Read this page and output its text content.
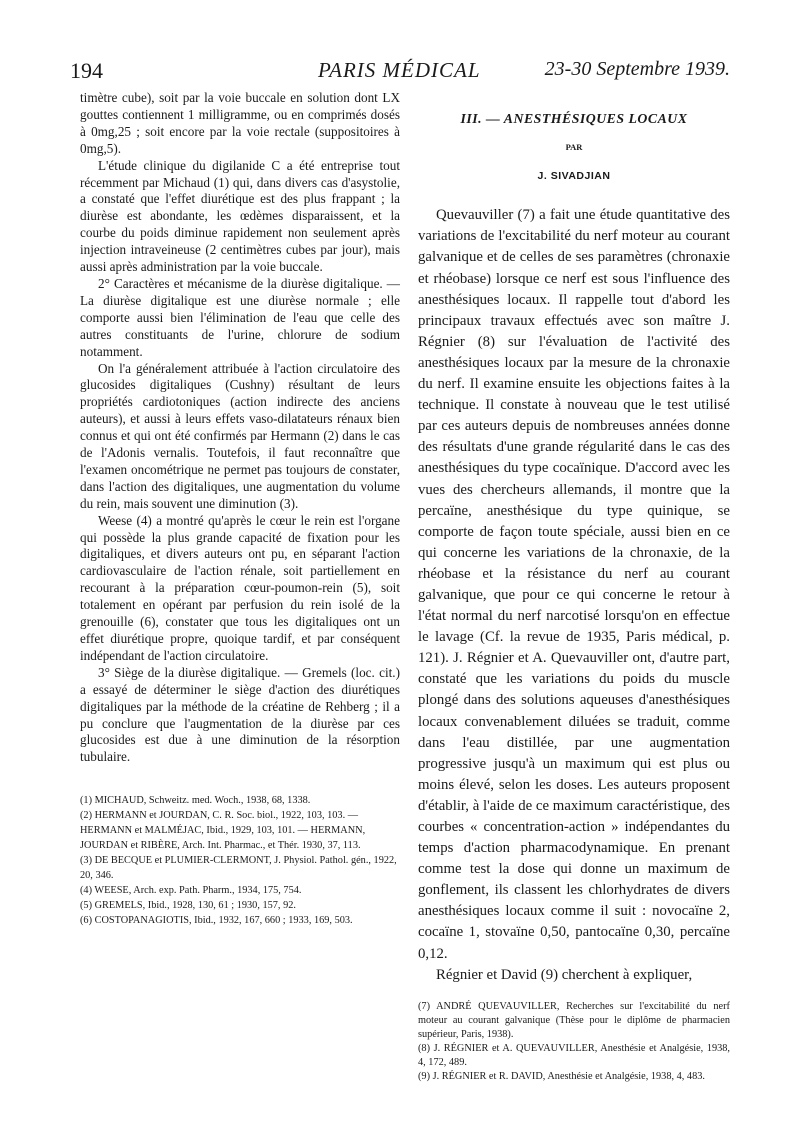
194	PARIS MÉDICAL	23-30 Septembre 1939.

timètre cube), soit par la voie buccale en solution dont LX gouttes contiennent 1 milligramme, ou en comprimés dosés à 0mg,25 ; soit encore par la voie rectale (suppositoires à 0mg,5).

L'étude clinique du digilanide C a été entreprise tout récemment par Michaud (1) qui, dans divers cas d'asystolie, a constaté que l'effet diurétique est des plus frappant ; la diurèse est abondante, les œdèmes disparaissent, et la courbe du poids diminue rapidement non seulement après injection intraveineuse (2 centimètres cubes par jour), mais aussi après administration par la voie buccale.

2° Caractères et mécanisme de la diurèse digitalique. — La diurèse digitalique est une diurèse normale ; elle comporte aussi bien l'élimination de l'eau que celle des autres constituants de l'urine, chlorure de sodium notamment.

On l'a généralement attribuée à l'action circulatoire des glucosides digitaliques (Cushny) résultant de leurs propriétés cardiotoniques (action indirecte des anciens auteurs), et aussi à leurs effets vaso-dilatateurs rénaux bien connus et qui ont été confirmés par Hermann (2) dans le cas de l'Adonis vernalis. Toutefois, il faut reconnaître que l'examen oncométrique ne permet pas toujours de constater, dans l'action des digitaliques, une augmentation du volume du rein, mais souvent une diminution (3).

Weese (4) a montré qu'après le cœur le rein est l'organe qui possède la plus grande capacité de fixation pour les digitaliques, et divers auteurs ont pu, en séparant l'action cardiovasculaire de l'action rénale, soit partiellement en recourant à la préparation cœur-poumon-rein (5), soit totalement en opérant par perfusion du rein isolé de la grenouille (6), constater que tous les digitaliques ont un effet diurétique propre, quoique tardif, et par conséquent indépendant de l'action circulatoire.

3° Siège de la diurèse digitalique. — Gremels (loc. cit.) a essayé de déterminer le siège d'action des diurétiques digitaliques par la méthode de la créatine de Rehberg ; il a pu conclure que l'augmentation de la diurèse par ces glucosides est due à une diminution de la résorption tubulaire.

(1) MICHAUD, Schweitz. med. Woch., 1938, 68, 1338.

(2) HERMANN et JOURDAN, C. R. Soc. biol., 1922, 103, 103. — HERMANN et MALMÉJAC, Ibid., 1929, 103, 101. — HERMANN, JOURDAN et RIBÈRE, Arch. Int. Pharmac., et Thér. 1930, 37, 113.

(3) DE BECQUE et PLUMIER-CLERMONT, J. Physiol. Pathol. gén., 1922, 20, 346.

(4) WEESE, Arch. exp. Path. Pharm., 1934, 175, 754.

(5) GREMELS, Ibid., 1928, 130, 61 ; 1930, 157, 92.

(6) COSTOPANAGIOTIS, Ibid., 1932, 167, 660 ; 1933, 169, 503.

III. — ANESTHÉSIQUES LOCAUX
PAR
J. SIVADJIAN

Quevauviller (7) a fait une étude quantitative des variations de l'excitabilité du nerf moteur au courant galvanique et de celles de ses paramètres (chronaxie et rhéobase) lorsque ce nerf est sous l'influence des anesthésiques locaux. Il rappelle tout d'abord les principaux travaux effectués avec son maître J. Régnier (8) sur l'évaluation de l'activité des anesthésiques locaux par la mesure de la chronaxie du nerf. Il examine ensuite les objections faites à la technique. Il constate à nouveau que le test utilisé par ces auteurs depuis de nombreuses années donne des résultats d'une grande régularité dans le cas des anesthésiques du type cocaïnique. D'accord avec les vues des chercheurs allemands, il montre que la percaïne, anesthésique du type quinique, se comporte de façon toute spéciale, aussi bien en ce qui concerne les variations de la chronaxie, de la rhéobase et la résistance du nerf au courant galvanique, que pour ce qui concerne le retour à l'état normal du nerf narcotisé lorsqu'on en effectue le lavage (Cf. la revue de 1935, Paris médical, p. 121). J. Régnier et A. Quevauviller ont, d'autre part, constaté que les variations du poids du muscle plongé dans des solutions aqueuses d'anesthésiques locaux convenablement diluées se traduit, comme dans l'eau distillée, par une augmentation progressive jusqu'à un maximum qui est plus ou moins élevé, selon les doses. Les auteurs proposent d'établir, à l'aide de ce maximum caractéristique, des courbes « concentration-action » indépendantes du temps d'action pharmacodynamique. En prenant comme test la dose qui donne un maximum de gonflement, ils classent les chlorhydrates de divers anesthésiques locaux comme il suit : novocaïne 2, cocaïne 1, stovaïne 0,50, pantocaïne 0,30, percaïne 0,12.

Régnier et David (9) cherchent à expliquer,

(7) ANDRÉ QUEVAUVILLER, Recherches sur l'excitabilité du nerf moteur au courant galvanique (Thèse pour le diplôme de pharmacien supérieur, Paris, 1938).

(8) J. RÉGNIER et A. QUEVAUVILLER, Anesthésie et Analgésie, 1938, 4, 172, 489.

(9) J. RÉGNIER et R. DAVID, Anesthésie et Analgésie, 1938, 4, 483.
